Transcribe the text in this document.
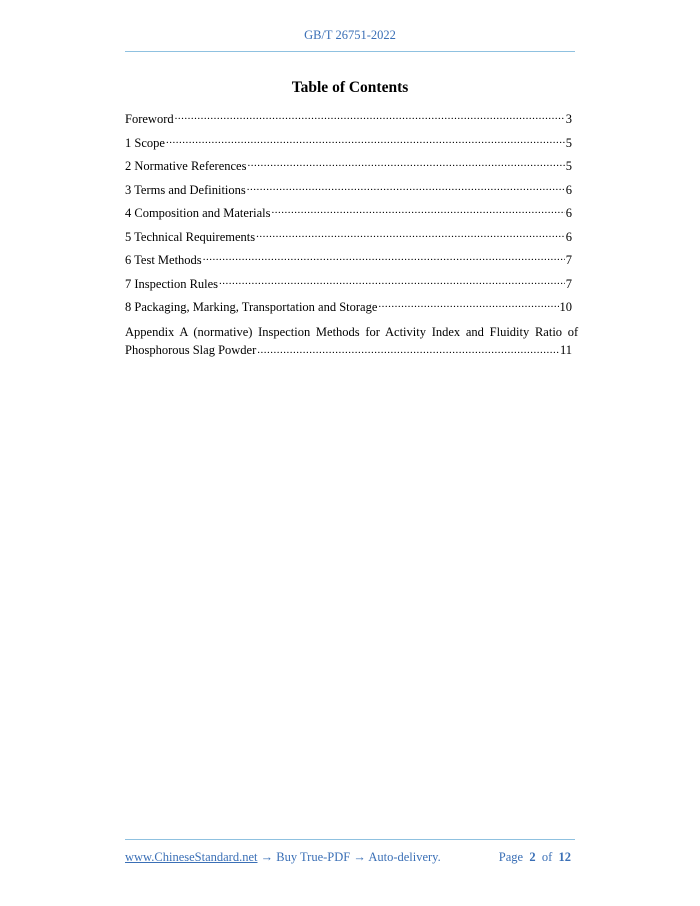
GB/T 26751-2022
Table of Contents
Foreword .....	3
1 Scope .....	5
2 Normative References .....	5
3 Terms and Definitions .....	6
4 Composition and Materials .....	6
5 Technical Requirements .....	6
6 Test Methods .....	7
7 Inspection Rules .....	7
8 Packaging, Marking, Transportation and Storage .....	10
Appendix A (normative) Inspection Methods for Activity Index and Fluidity Ratio of
Phosphorous Slag Powder .....	11
www.ChineseStandard.net → Buy True-PDF → Auto-delivery.	Page 2 of 12
